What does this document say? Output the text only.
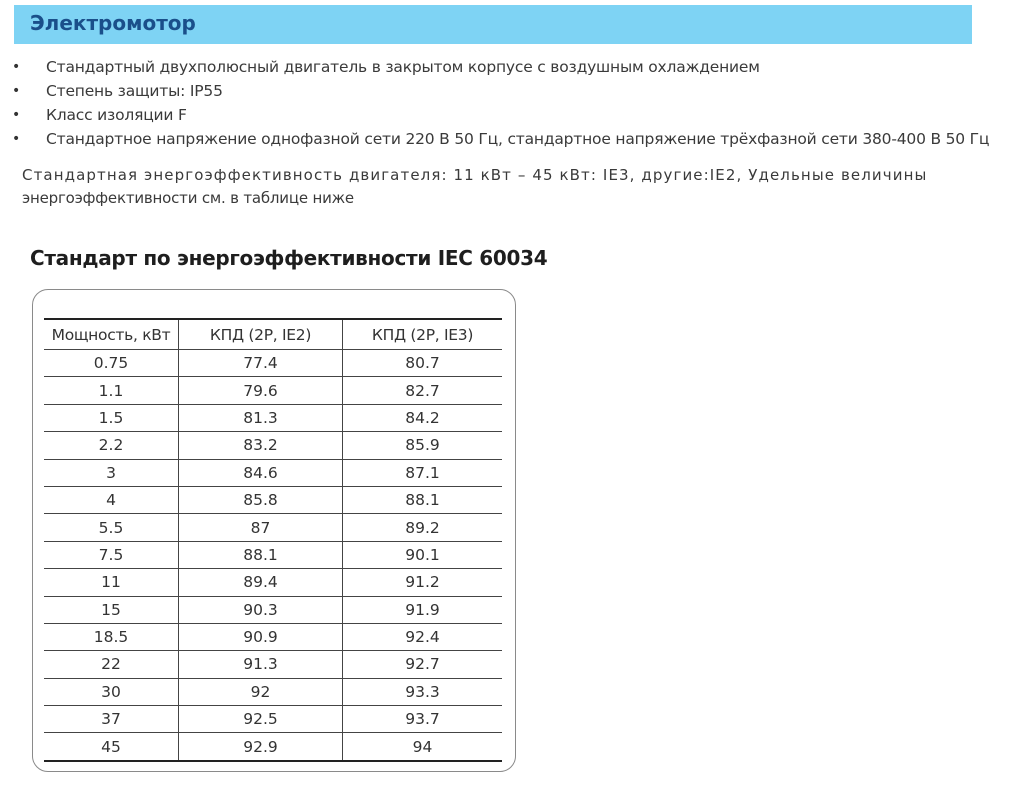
Электромотор
• Стандартный двухполюсный двигатель в закрытом корпусе с воздушным охлаждением
• Степень защиты: IP55
• Класс изоляции F
• Стандартное напряжение однофазной сети 220 В 50 Гц, стандартное напряжение трёхфазной сети 380-400 В 50 Гц
Стандартная энергоэффективность двигателя: 11 кВт – 45 кВт: IE3, другие:IE2, Удельные величины
энергоэффективности см. в таблице ниже
Стандарт по энергоэффективности IEC 60034
Мощность, кВт	КПД (2P, IE2)	КПД (2P, IE3)
0.75	77.4	80.7
1.1	79.6	82.7
1.5	81.3	84.2
2.2	83.2	85.9
3	84.6	87.1
4	85.8	88.1
5.5	87	89.2
7.5	88.1	90.1
11	89.4	91.2
15	90.3	91.9
18.5	90.9	92.4
22	91.3	92.7
30	92	93.3
37	92.5	93.7
45	92.9	94
